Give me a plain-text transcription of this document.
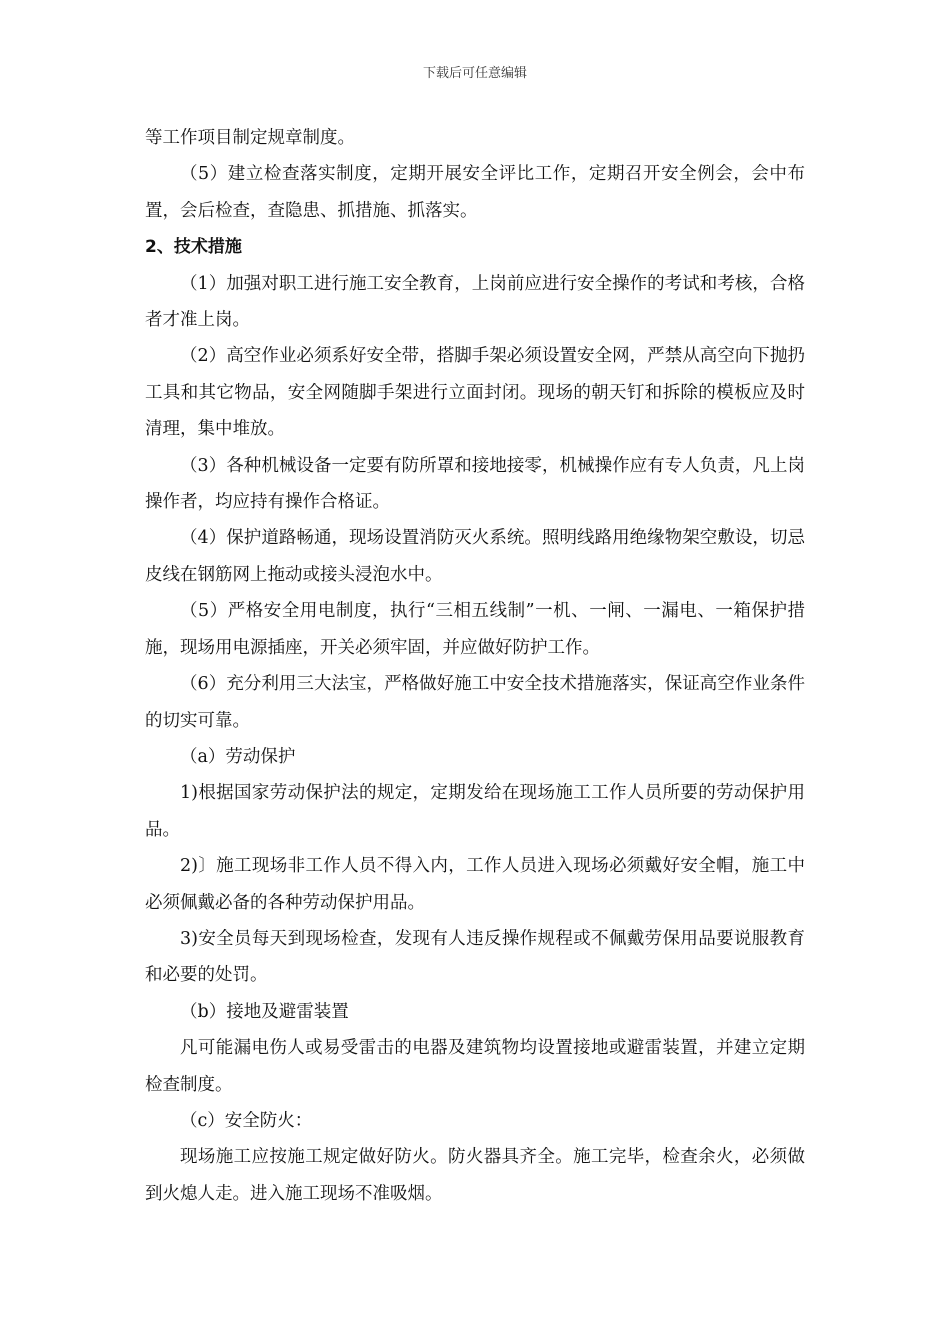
下载后可任意编辑

等工作项目制定规章制度。

（5）建立检查落实制度，定期开展安全评比工作，定期召开安全例会，会中布置，会后检查，查隐患、抓措施、抓落实。

2、技术措施

（1）加强对职工进行施工安全教育，上岗前应进行安全操作的考试和考核，合格者才准上岗。

（2）高空作业必须系好安全带，搭脚手架必须设置安全网，严禁从高空向下抛扔工具和其它物品，安全网随脚手架进行立面封闭。现场的朝天钉和拆除的模板应及时清理，集中堆放。

（3）各种机械设备一定要有防所罩和接地接零，机械操作应有专人负责，凡上岗操作者，均应持有操作合格证。

（4）保护道路畅通，现场设置消防灭火系统。照明线路用绝缘物架空敷设，切忌皮线在钢筋网上拖动或接头浸泡水中。

（5）严格安全用电制度，执行“三相五线制”一机、一闸、一漏电、一箱保护措施，现场用电源插座，开关必须牢固，并应做好防护工作。

（6）充分利用三大法宝，严格做好施工中安全技术措施落实，保证高空作业条件的切实可靠。

（a）劳动保护

1)根据国家劳动保护法的规定，定期发给在现场施工工作人员所要的劳动保护用品。

2)〕施工现场非工作人员不得入内，工作人员进入现场必须戴好安全帽，施工中必须佩戴必备的各种劳动保护用品。

3)安全员每天到现场检查，发现有人违反操作规程或不佩戴劳保用品要说服教育和必要的处罚。

（b）接地及避雷装置

凡可能漏电伤人或易受雷击的电器及建筑物均设置接地或避雷装置，并建立定期检查制度。

（c）安全防火：

现场施工应按施工规定做好防火。防火器具齐全。施工完毕，检查余火，必须做到火熄人走。进入施工现场不准吸烟。
